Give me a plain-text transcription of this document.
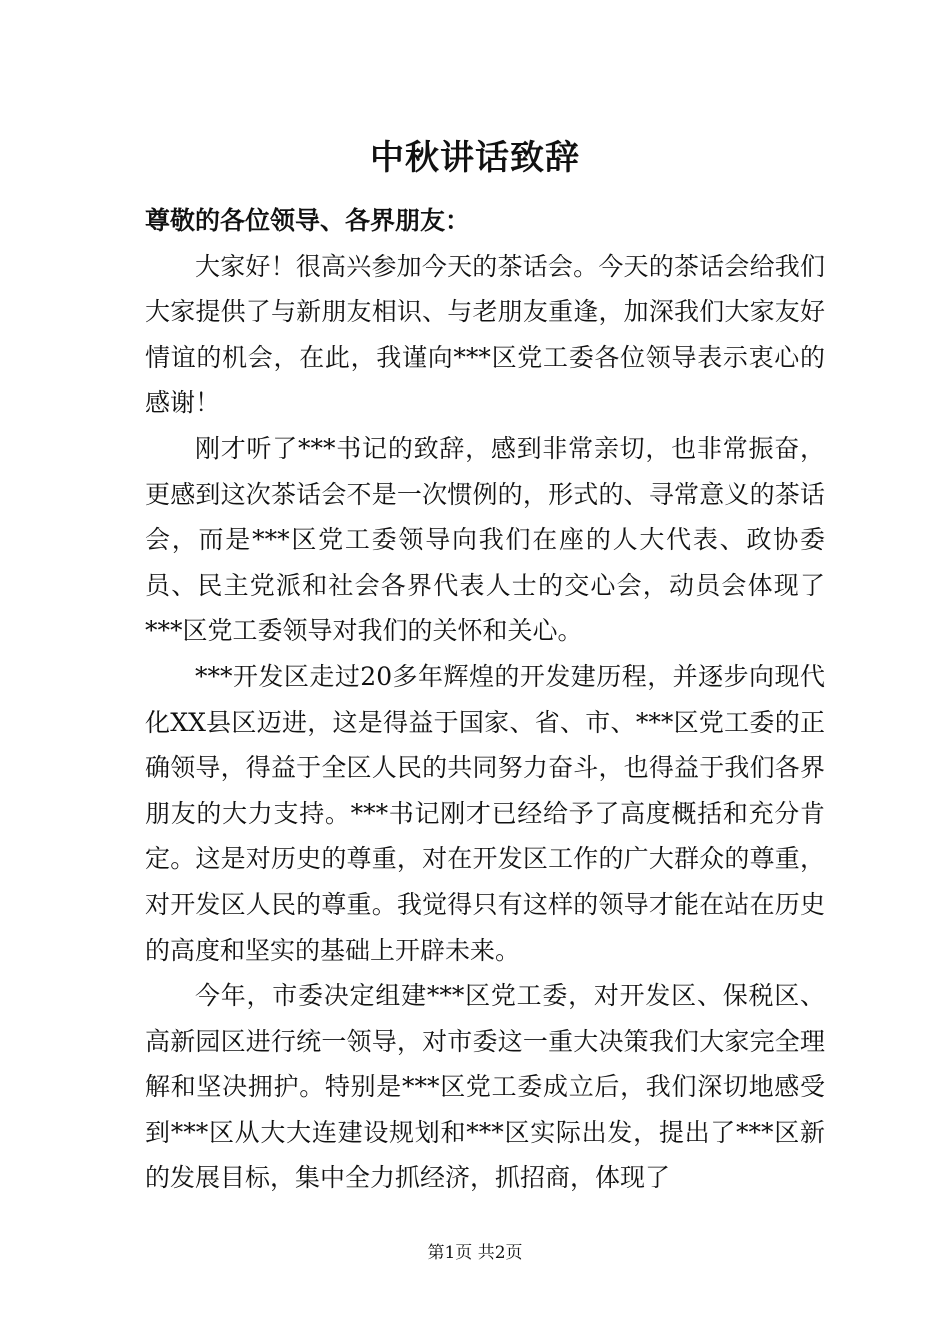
中秋讲话致辞

尊敬的各位领导、各界朋友：

大家好！很高兴参加今天的茶话会。今天的茶话会给我们大家提供了与新朋友相识、与老朋友重逢，加深我们大家友好情谊的机会，在此，我谨向***区党工委各位领导表示衷心的感谢！

刚才听了***书记的致辞，感到非常亲切，也非常振奋，更感到这次茶话会不是一次惯例的，形式的、寻常意义的茶话会，而是***区党工委领导向我们在座的人大代表、政协委员、民主党派和社会各界代表人士的交心会，动员会体现了***区党工委领导对我们的关怀和关心。

***开发区走过20多年辉煌的开发建历程，并逐步向现代化XX县区迈进，这是得益于国家、省、市、***区党工委的正确领导，得益于全区人民的共同努力奋斗，也得益于我们各界朋友的大力支持。***书记刚才已经给予了高度概括和充分肯定。这是对历史的尊重，对在开发区工作的广大群众的尊重，对开发区人民的尊重。我觉得只有这样的领导才能在站在历史的高度和坚实的基础上开辟未来。

今年，市委决定组建***区党工委，对开发区、保税区、高新园区进行统一领导，对市委这一重大决策我们大家完全理解和坚决拥护。特别是***区党工委成立后，我们深切地感受到***区从大大连建设规划和***区实际出发，提出了***区新的发展目标，集中全力抓经济，抓招商，体现了

第1页 共2页
